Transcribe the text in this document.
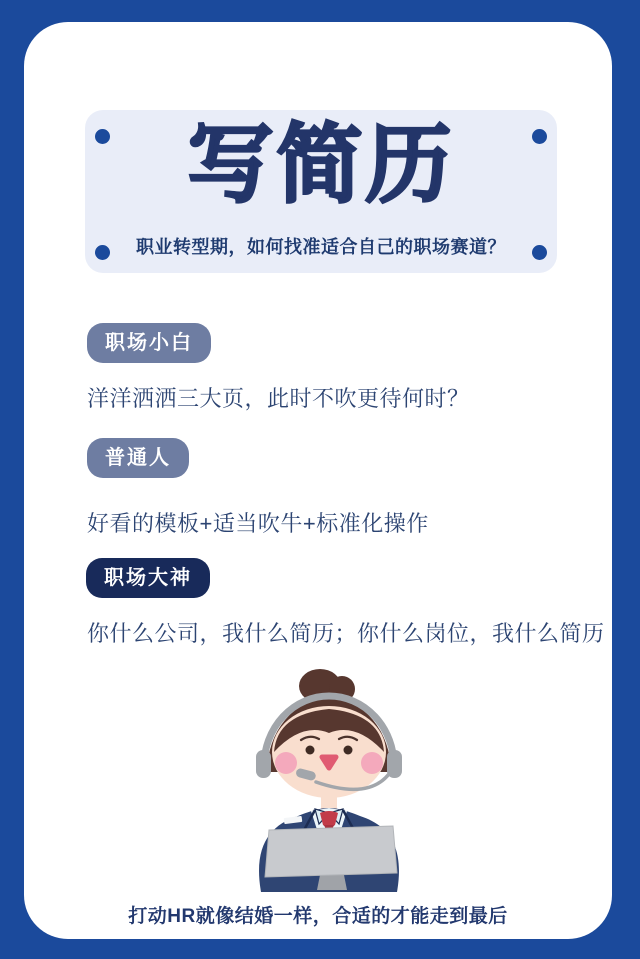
写简历
职业转型期，如何找准适合自己的职场赛道？
职场小白
洋洋洒洒三大页，此时不吹更待何时？
普通人
好看的模板+适当吹牛+标准化操作
职场大神
你什么公司，我什么简历；你什么岗位，我什么简历
打动HR就像结婚一样，合适的才能走到最后
